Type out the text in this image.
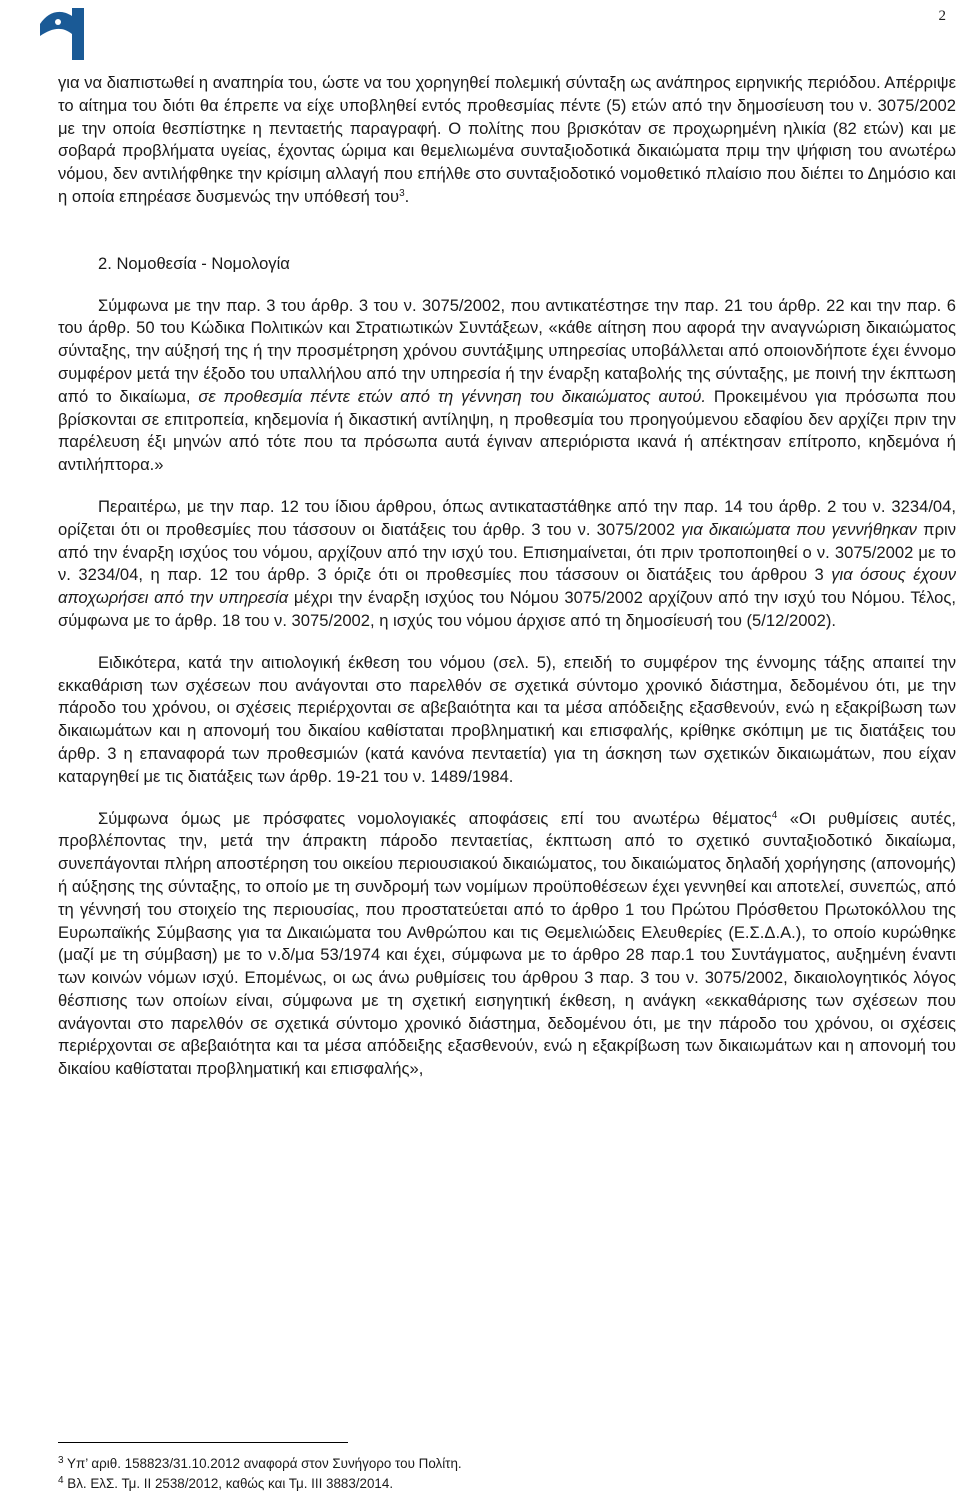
2

για να διαπιστωθεί η αναπηρία του, ώστε να του χορηγηθεί πολεμική σύνταξη ως ανάπηρος ειρηνικής περιόδου. Απέρριψε το αίτημα του διότι θα έπρεπε να είχε υποβληθεί εντός προθεσμίας πέντε (5) ετών από την δημοσίευση του ν. 3075/2002 με την οποία θεσπίστηκε η πενταετής παραγραφή. Ο πολίτης που βρισκόταν σε προχωρημένη ηλικία (82 ετών) και με σοβαρά προβλήματα υγείας, έχοντας ώριμα και θεμελιωμένα συνταξιοδοτικά δικαιώματα πριμ την ψήφιση του ανωτέρω νόμου, δεν αντιλήφθηκε την κρίσιμη αλλαγή που επήλθε στο συνταξιοδοτικό νομοθετικό πλαίσιο που διέπει το Δημόσιο και η οποία επηρέασε δυσμενώς την υπόθεσή του$^3$.

2. Νομοθεσία - Νομολογία

Σύμφωνα με την παρ. 3 του άρθρ. 3 του ν. 3075/2002, που αντικατέστησε την παρ. 21 του άρθρ. 22 και την παρ. 6 του άρθρ. 50 του Κώδικα Πολιτικών και Στρατιωτικών Συντάξεων, «κάθε αίτηση που αφορά την αναγνώριση δικαιώματος σύνταξης, την αύξησή της ή την προσμέτρηση χρόνου συντάξιμης υπηρεσίας υποβάλλεται από οποιονδήποτε έχει έννομο συμφέρον μετά την έξοδο του υπαλλήλου από την υπηρεσία ή την έναρξη καταβολής της σύνταξης, με ποινή την έκπτωση από το δικαίωμα, σε προθεσμία πέντε ετών από τη γέννηση του δικαιώματος αυτού. Προκειμένου για πρόσωπα που βρίσκονται σε επιτροπεία, κηδεμονία ή δικαστική αντίληψη, η προθεσμία του προηγούμενου εδαφίου δεν αρχίζει πριν την παρέλευση έξι μηνών από τότε που τα πρόσωπα αυτά έγιναν απεριόριστα ικανά ή απέκτησαν επίτροπο, κηδεμόνα ή αντιλήπτορα.»

Περαιτέρω, με την παρ. 12 του ίδιου άρθρου, όπως αντικαταστάθηκε από την παρ. 14 του άρθρ. 2 του ν. 3234/04, ορίζεται ότι οι προθεσμίες που τάσσουν οι διατάξεις του άρθρ. 3 του ν. 3075/2002 για δικαιώματα που γεννήθηκαν πριν από την έναρξη ισχύος του νόμου, αρχίζουν από την ισχύ του. Επισημαίνεται, ότι πριν τροποποιηθεί ο ν. 3075/2002 με το ν. 3234/04, η παρ. 12 του άρθρ. 3 όριζε ότι οι προθεσμίες που τάσσουν οι διατάξεις του άρθρου 3 για όσους έχουν αποχωρήσει από την υπηρεσία μέχρι την έναρξη ισχύος του Νόμου 3075/2002 αρχίζουν από την ισχύ του Νόμου. Τέλος, σύμφωνα με το άρθρ. 18 του ν. 3075/2002, η ισχύς του νόμου άρχισε από τη δημοσίευσή του (5/12/2002).

Ειδικότερα, κατά την αιτιολογική έκθεση του νόμου (σελ. 5), επειδή το συμφέρον της έννομης τάξης απαιτεί την εκκαθάριση των σχέσεων που ανάγονται στο παρελθόν σε σχετικά σύντομο χρονικό διάστημα, δεδομένου ότι, με την πάροδο του χρόνου, οι σχέσεις περιέρχονται σε αβεβαιότητα και τα μέσα απόδειξης εξασθενούν, ενώ η εξακρίβωση των δικαιωμάτων και η απονομή του δικαίου καθίσταται προβληματική και επισφαλής, κρίθηκε σκόπιμη με τις διατάξεις του άρθρ. 3 η επαναφορά των προθεσμιών (κατά κανόνα πενταετία) για τη άσκηση των σχετικών δικαιωμάτων, που είχαν καταργηθεί με τις διατάξεις των άρθρ. 19-21 του ν. 1489/1984.

Σύμφωνα όμως με πρόσφατες νομολογιακές αποφάσεις επί του ανωτέρω θέματος$^4$ «Οι ρυθμίσεις αυτές, προβλέποντας την, μετά την άπρακτη πάροδο πενταετίας, έκπτωση από το σχετικό συνταξιοδοτικό δικαίωμα, συνεπάγονται πλήρη αποστέρηση του οικείου περιουσιακού δικαιώματος, του δικαιώματος δηλαδή χορήγησης (απονομής) ή αύξησης της σύνταξης, το οποίο με τη συνδρομή των νομίμων προϋποθέσεων έχει γεννηθεί και αποτελεί, συνεπώς, από τη γέννησή του στοιχείο της περιουσίας, που προστατεύεται από το άρθρο 1 του Πρώτου Πρόσθετου Πρωτοκόλλου της Ευρωπαϊκής Σύμβασης για τα Δικαιώματα του Ανθρώπου και τις Θεμελιώδεις Ελευθερίες (Ε.Σ.Δ.Α.), το οποίο κυρώθηκε (μαζί με τη σύμβαση) με το ν.δ/μα 53/1974 και έχει, σύμφωνα με το άρθρο 28 παρ.1 του Συντάγματος, αυξημένη έναντι των κοινών νόμων ισχύ. Επομένως, οι ως άνω ρυθμίσεις του άρθρου 3 παρ. 3 του ν. 3075/2002, δικαιολογητικός λόγος θέσπισης των οποίων είναι, σύμφωνα με τη σχετική εισηγητική έκθεση, η ανάγκη «εκκαθάρισης των σχέσεων που ανάγονται στο παρελθόν σε σχετικά σύντομο χρονικό διάστημα, δεδομένου ότι, με την πάροδο του χρόνου, οι σχέσεις περιέρχονται σε αβεβαιότητα και τα μέσα απόδειξης εξασθενούν, ενώ η εξακρίβωση των δικαιωμάτων και η απονομή του δικαίου καθίσταται προβληματική και επισφαλής»,

$^3$ Υπ’ αριθ. 158823/31.10.2012 αναφορά στον Συνήγορο του Πολίτη.
$^4$ Βλ. ΕλΣ. Τμ. ΙΙ 2538/2012, καθώς και Τμ. ΙΙΙ 3883/2014.
